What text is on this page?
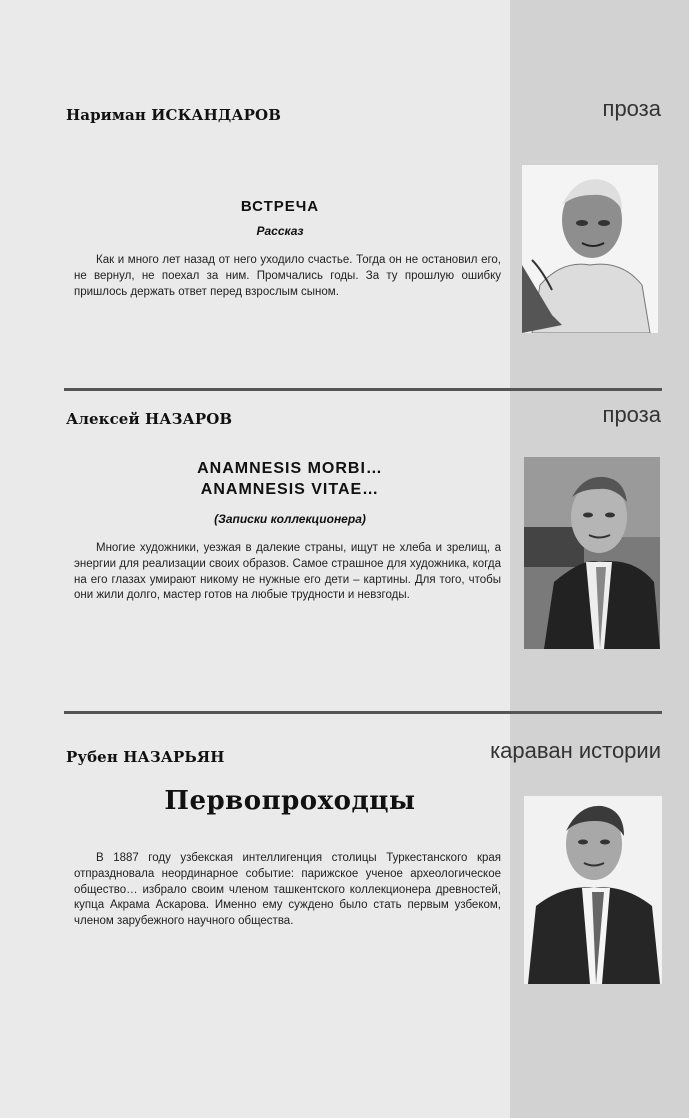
Нариман ИСКАНДАРОВ	проза
ВСТРЕЧА
Рассказ
Как и много лет назад от него уходило счастье. Тогда он не остановил его, не вернул, не поехал за ним. Промчались годы. За ту прошлую ошибку пришлось держать ответ перед взрослым сыном.
Алексей НАЗАРОВ	проза
ANAMNESIS MORBI…
ANAMNESIS VITAE…
(Записки коллекционера)
Многие художники, уезжая в далекие страны, ищут не хлеба и зрелищ, а энергии для реализации своих образов. Самое страшное для художника, когда на его глазах умирают никому не нужные его дети – картины. Для того, чтобы они жили долго, мастер готов на любые трудности и невзгоды.
Рубен НАЗАРЬЯН	караван истории
Первопроходцы
В 1887 году узбекская интеллигенция столицы Туркестанского края отпраздновала неординарное событие: парижское ученое археологическое общество… избрало своим членом ташкентского коллекционера древностей, купца Акрама Аскарова. Именно ему суждено было стать первым узбеком, членом зарубежного научного общества.
